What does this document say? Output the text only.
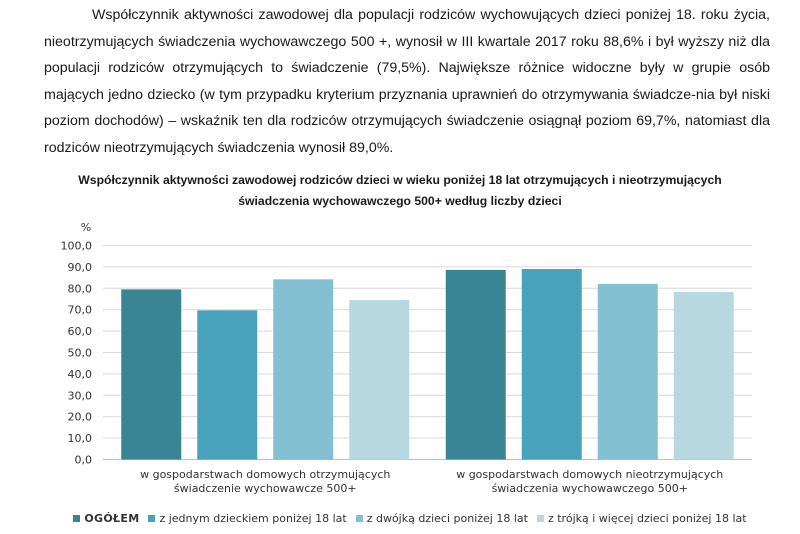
Współczynnik aktywności zawodowej dla populacji rodziców wychowujących dzieci poniżej 18. roku życia, nieotrzymujących świadczenia wychowawczego 500 +, wynosił w III kwartale 2017 roku 88,6% i był wyższy niż dla populacji rodziców otrzymujących to świadczenie (79,5%). Największe różnice widoczne były w grupie osób mających jedno dziecko (w tym przypadku kryterium przyznania uprawnień do otrzymywania świadcze-nia był niski poziom dochodów) – wskaźnik ten dla rodziców otrzymujących świadczenie osiągnął poziom 69,7%, natomiast dla rodziców nieotrzymujących świadczenia wynosił 89,0%.

Współczynnik aktywności zawodowej rodziców dzieci w wieku poniżej 18 lat otrzymujących i nieotrzymujących
świadczenia wychowawczego 500+ według liczby dzieci
0,0
10,0
20,0
30,0
40,0
50,0
60,0
70,0
80,0
90,0
100,0
%
w gospodarstwach domowych otrzymujących
świadczenie wychowawcze 500+
w gospodarstwach domowych nieotrzymujących
świadczenia wychowawczego 500+
OGÓŁEM z jednym dzieckiem poniżej 18 lat z dwójką dzieci poniżej 18 lat z trójką i więcej dzieci poniżej 18 lat
